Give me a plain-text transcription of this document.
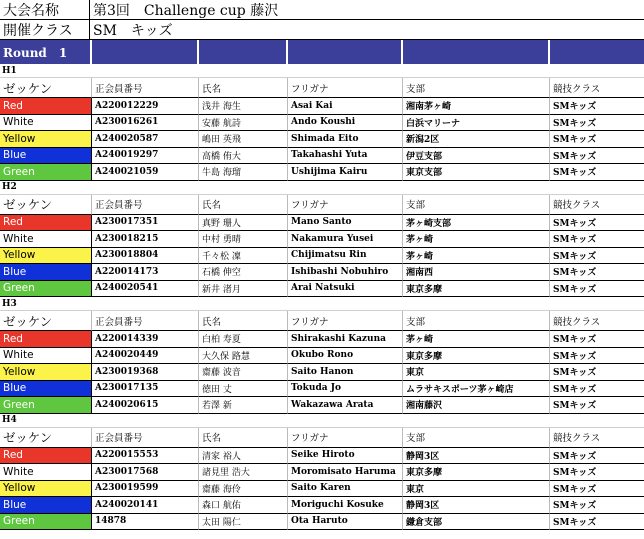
大会名称	第3回　Challenge cup 藤沢
開催クラス	SM　キッズ
Round　1
H1
ゼッケン	正会員番号	氏名	フリガナ	支部	競技クラス
Red	A220012229	浅井 海生	Asai Kai	湘南茅ヶ崎	SMキッズ
White	A230016261	安藤 航詩	Ando Koushi	白浜マリーナ	SMキッズ
Yellow	A240020587	嶋田 英飛	Shimada Eito	新潟2区	SMキッズ
Blue	A240019297	高橋 侑大	Takahashi Yuta	伊豆支部	SMキッズ
Green	A240021059	牛島 海瑠	Ushijima Kairu	東京支部	SMキッズ
H2
ゼッケン	正会員番号	氏名	フリガナ	支部	競技クラス
Red	A230017351	真野 珊人	Mano Santo	茅ヶ崎支部	SMキッズ
White	A230018215	中村 勇晴	Nakamura Yusei	茅ヶ崎	SMキッズ
Yellow	A230018804	千々松 凜	Chijimatsu Rin	茅ヶ崎	SMキッズ
Blue	A220014173	石橋 伸空	Ishibashi Nobuhiro	湘南西	SMキッズ
Green	A240020541	新井 渚月	Arai Natsuki	東京多摩	SMキッズ
H3
ゼッケン	正会員番号	氏名	フリガナ	支部	競技クラス
Red	A220014339	白柏 寿夏	Shirakashi Kazuna	茅ヶ崎	SMキッズ
White	A240020449	大久保 路慧	Okubo Rono	東京多摩	SMキッズ
Yellow	A230019368	齋藤 波音	Saito Hanon	東京	SMキッズ
Blue	A230017135	徳田 丈	Tokuda Jo	ムラサキスポーツ茅ヶ崎店	SMキッズ
Green	A240020615	若澤 新	Wakazawa Arata	湘南藤沢	SMキッズ
H4
ゼッケン	正会員番号	氏名	フリガナ	支部	競技クラス
Red	A220015553	清家 裕人	Seike Hiroto	静岡3区	SMキッズ
White	A230017568	諸見里 浩大	Moromisato Haruma	東京多摩	SMキッズ
Yellow	A230019599	齋藤 海伶	Saito Karen	東京	SMキッズ
Blue	A240020141	森口 航佑	Moriguchi Kosuke	静岡3区	SMキッズ
Green	14878	太田 陽仁	Ota Haruto	鎌倉支部	SMキッズ
